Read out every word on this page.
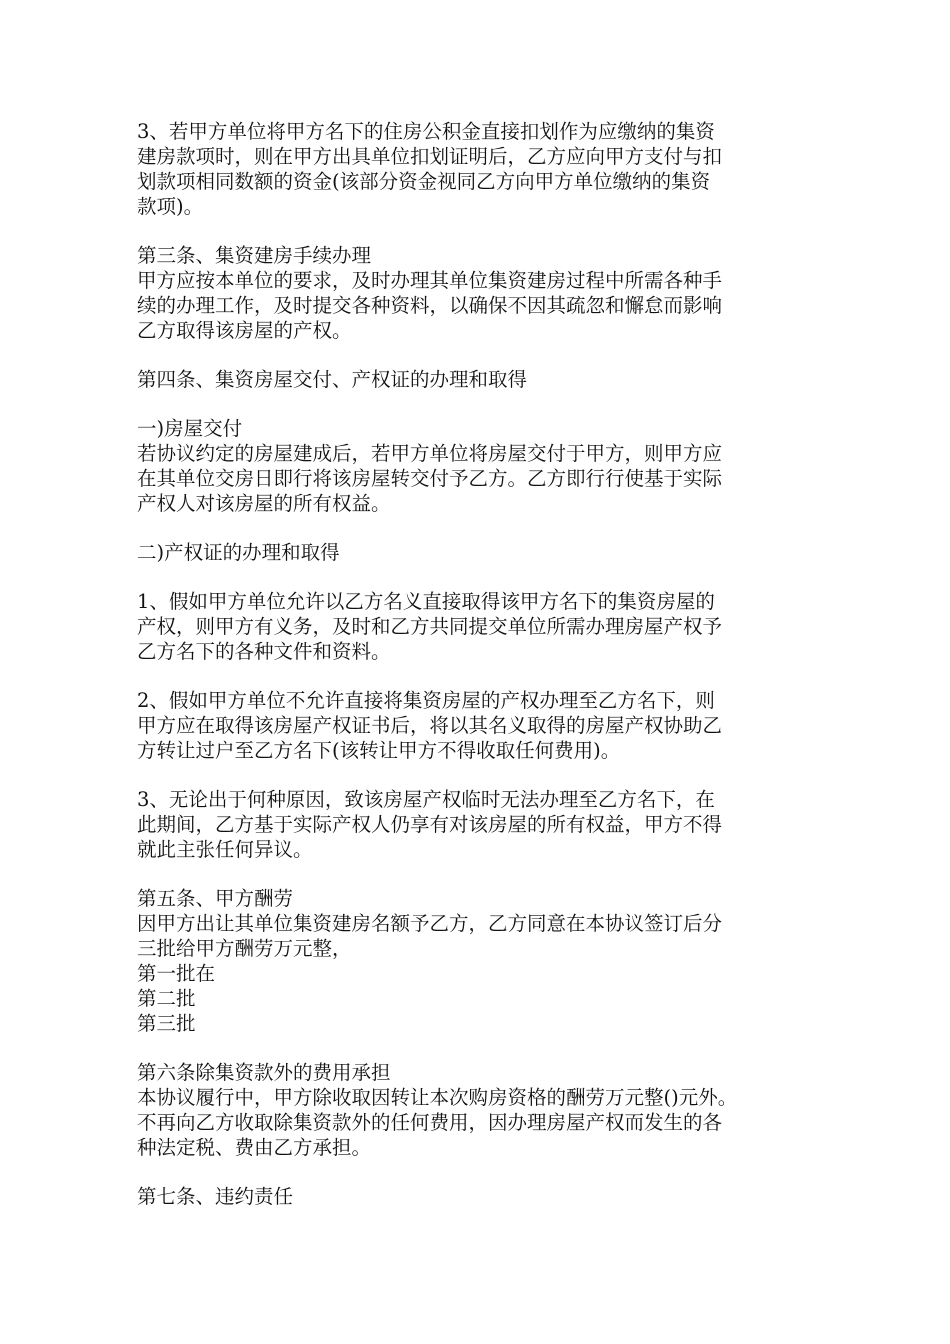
3、若甲方单位将甲方名下的住房公积金直接扣划作为应缴纳的集资
建房款项时，则在甲方出具单位扣划证明后，乙方应向甲方支付与扣
划款项相同数额的资金(该部分资金视同乙方向甲方单位缴纳的集资
款项)。
第三条、集资建房手续办理
甲方应按本单位的要求，及时办理其单位集资建房过程中所需各种手
续的办理工作，及时提交各种资料，以确保不因其疏忽和懈怠而影响
乙方取得该房屋的产权。
第四条、集资房屋交付、产权证的办理和取得
一)房屋交付
若协议约定的房屋建成后，若甲方单位将房屋交付于甲方，则甲方应
在其单位交房日即行将该房屋转交付予乙方。乙方即行行使基于实际
产权人对该房屋的所有权益。
二)产权证的办理和取得
1、假如甲方单位允许以乙方名义直接取得该甲方名下的集资房屋的
产权，则甲方有义务，及时和乙方共同提交单位所需办理房屋产权予
乙方名下的各种文件和资料。
2、假如甲方单位不允许直接将集资房屋的产权办理至乙方名下，则
甲方应在取得该房屋产权证书后，将以其名义取得的房屋产权协助乙
方转让过户至乙方名下(该转让甲方不得收取任何费用)。
3、无论出于何种原因，致该房屋产权临时无法办理至乙方名下，在
此期间，乙方基于实际产权人仍享有对该房屋的所有权益，甲方不得
就此主张任何异议。
第五条、甲方酬劳
因甲方出让其单位集资建房名额予乙方，乙方同意在本协议签订后分
三批给甲方酬劳万元整，
第一批在
第二批
第三批
第六条除集资款外的费用承担
本协议履行中，甲方除收取因转让本次购房资格的酬劳万元整()元外。
不再向乙方收取除集资款外的任何费用，因办理房屋产权而发生的各
种法定税、费由乙方承担。
第七条、违约责任
